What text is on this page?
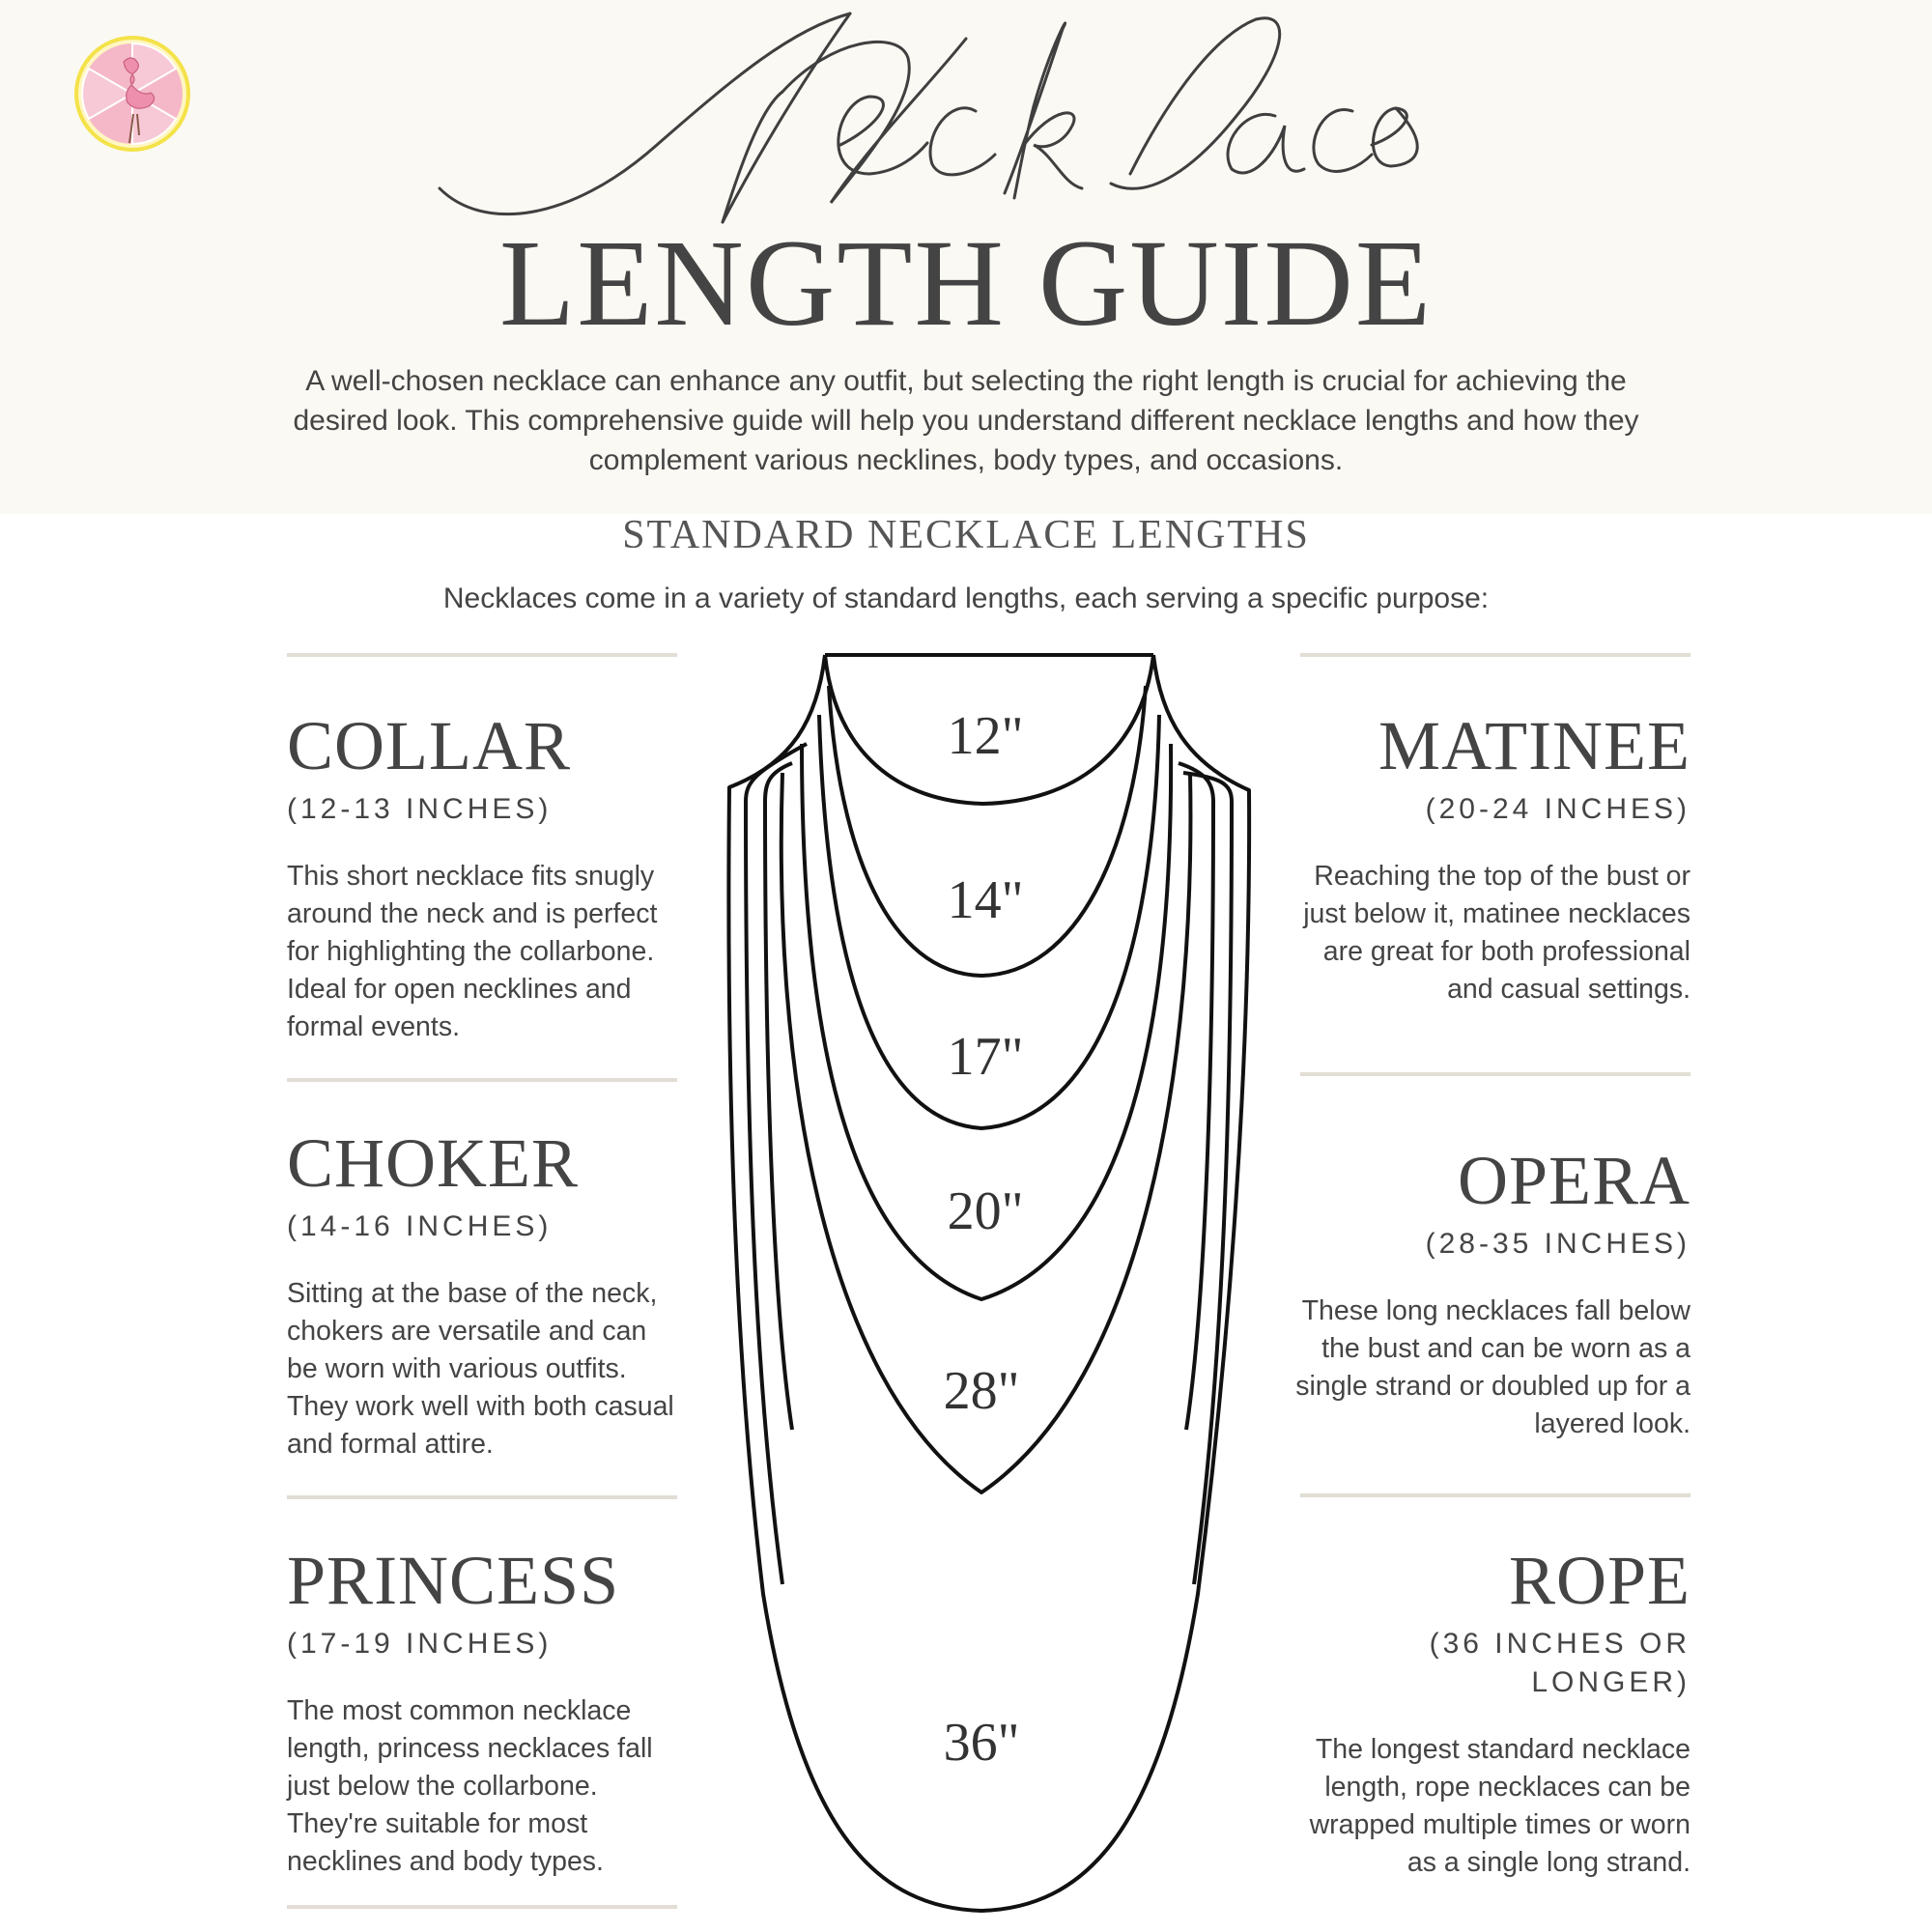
LENGTH GUIDE
A well-chosen necklace can enhance any outfit, but selecting the right length is crucial for achieving the desired look. This comprehensive guide will help you understand different necklace lengths and how they complement various necklines, body types, and occasions.
STANDARD NECKLACE LENGTHS
Necklaces come in a variety of standard lengths, each serving a specific purpose:
COLLAR
(12-13 INCHES)
This short necklace fits snugly around the neck and is perfect for highlighting the collarbone. Ideal for open necklines and formal events.
CHOKER
(14-16 INCHES)
Sitting at the base of the neck, chokers are versatile and can be worn with various outfits. They work well with both casual and formal attire.
PRINCESS
(17-19 INCHES)
The most common necklace length, princess necklaces fall just below the collarbone. They're suitable for most necklines and body types.
MATINEE
(20-24 INCHES)
Reaching the top of the bust or just below it, matinee necklaces are great for both professional and casual settings.
OPERA
(28-35 INCHES)
These long necklaces fall below the bust and can be worn as a single strand or doubled up for a layered look.
ROPE
(36 INCHES OR LONGER)
The longest standard necklace length, rope necklaces can be wrapped multiple times or worn as a single long strand.
12"
14"
17"
20"
28"
36"
